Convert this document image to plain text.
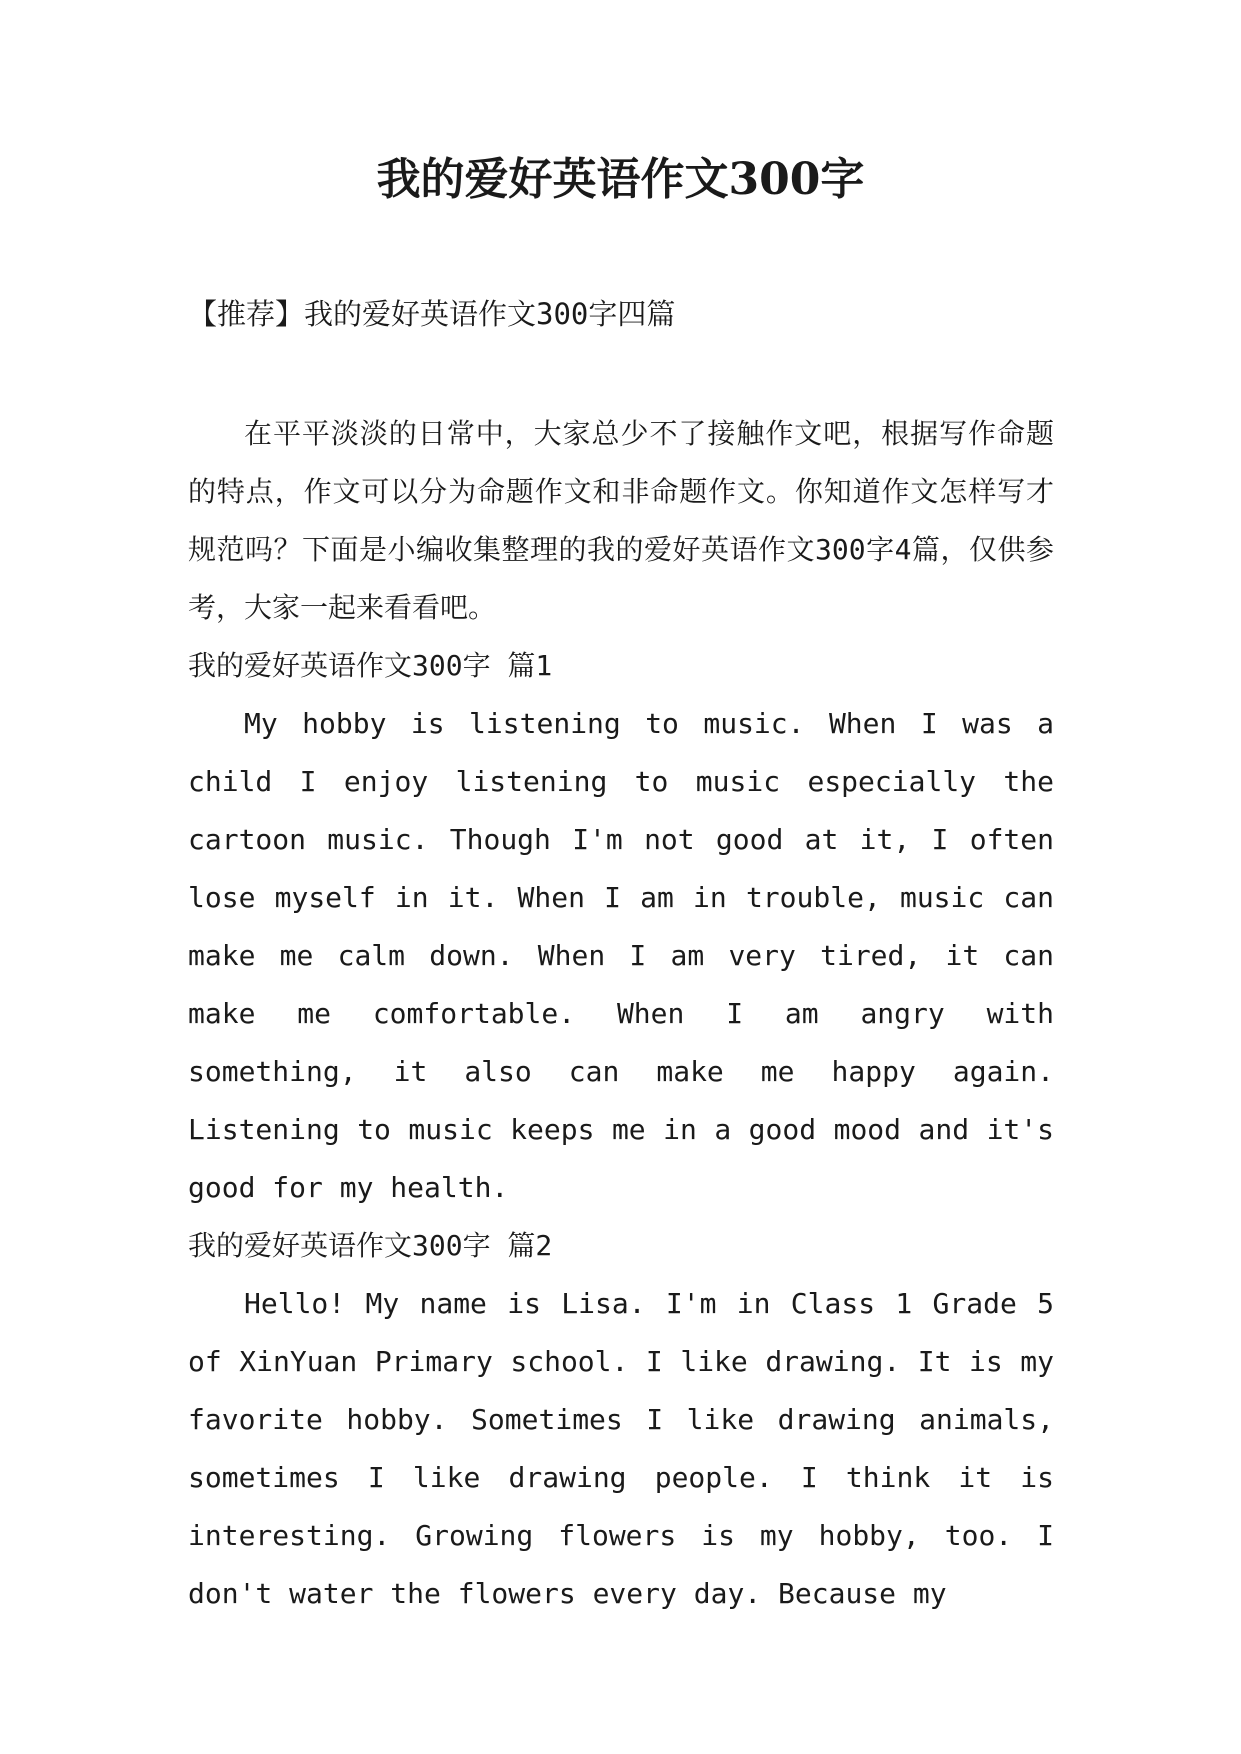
我的爱好英语作文300字

【推荐】我的爱好英语作文300字四篇

在平平淡淡的日常中，大家总少不了接触作文吧，根据写作命题的特点，作文可以分为命题作文和非命题作文。你知道作文怎样写才规范吗？下面是小编收集整理的我的爱好英语作文300字4篇，仅供参考，大家一起来看看吧。

我的爱好英语作文300字 篇1

My hobby is listening to music. When I was a child I enjoy listening to music especially the cartoon music. Though I'm not good at it, I often lose myself in it. When I am in trouble, music can make me calm down. When I am very tired, it can make me comfortable. When I am angry with something, it also can make me happy again. Listening to music keeps me in a good mood and it's good for my health.

我的爱好英语作文300字 篇2

Hello! My name is Lisa. I'm in Class 1 Grade 5 of XinYuan Primary school. I like drawing. It is my favorite hobby. Sometimes I like drawing animals, sometimes I like drawing people. I think it is interesting. Growing flowers is my hobby, too. I don't water the flowers every day. Because my
